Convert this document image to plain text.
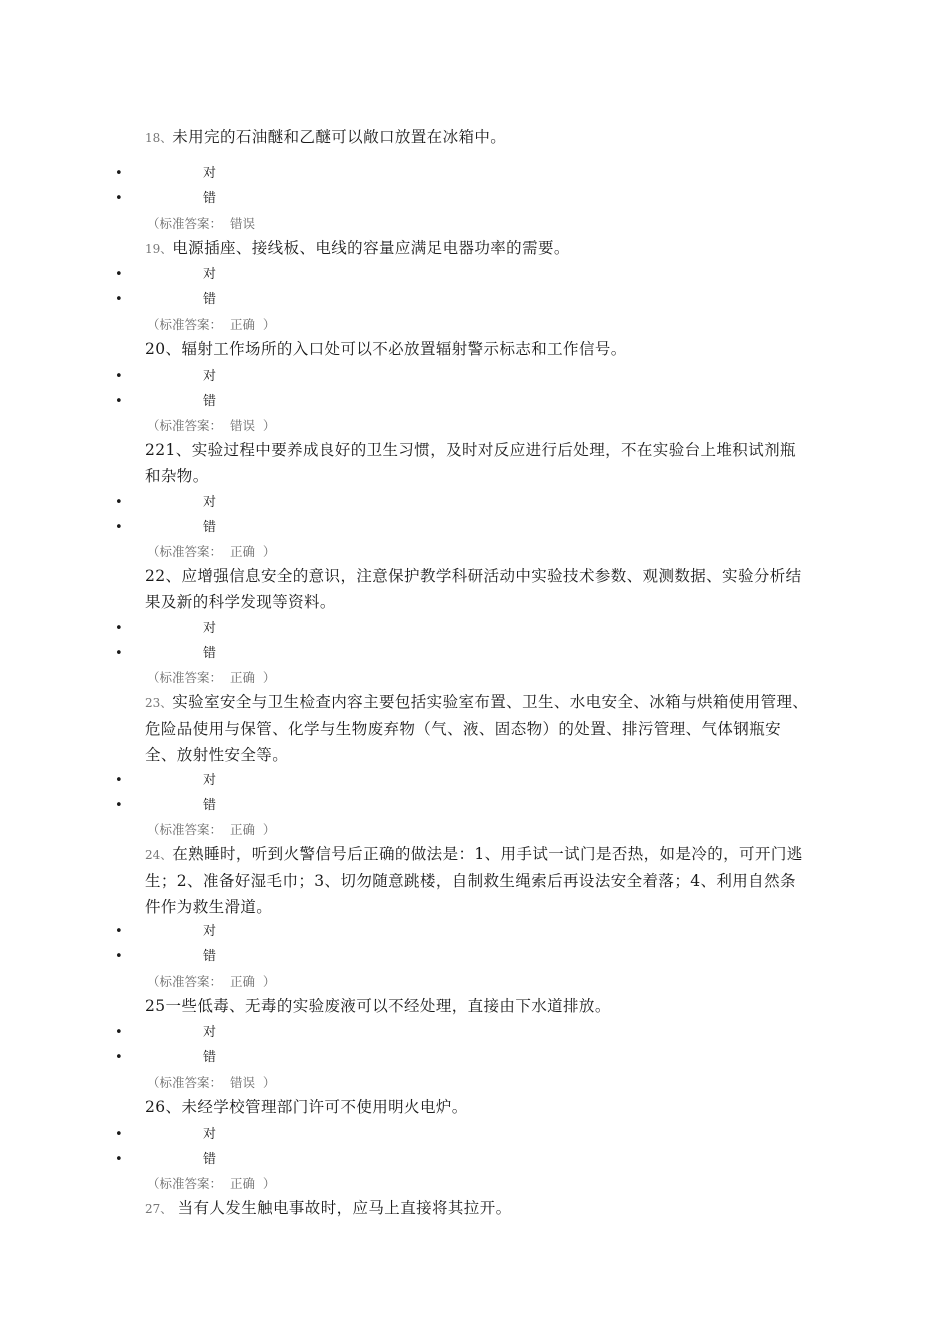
18、未用完的石油醚和乙醚可以敞口放置在冰箱中。
•	对
•	错
（标准答案：  错误
19、电源插座、接线板、电线的容量应满足电器功率的需要。
•	对
•	错
（标准答案：  正确  ）
20、辐射工作场所的入口处可以不必放置辐射警示标志和工作信号。
•	对
•	错
（标准答案：  错误  ）
221、实验过程中要养成良好的卫生习惯，及时对反应进行后处理，不在实验台上堆积试剂瓶和杂物。
•	对
•	错
（标准答案：  正确  ）
22、应增强信息安全的意识，注意保护教学科研活动中实验技术参数、观测数据、实验分析结果及新的科学发现等资料。
•	对
•	错
（标准答案：  正确  ）
23、实验室安全与卫生检查内容主要包括实验室布置、卫生、水电安全、冰箱与烘箱使用管理、危险品使用与保管、化学与生物废弃物（气、液、固态物）的处置、排污管理、气体钢瓶安全、放射性安全等。
•	对
•	错
（标准答案：  正确  ）
24、在熟睡时，听到火警信号后正确的做法是：1、用手试一试门是否热，如是冷的，可开门逃生；2、准备好湿毛巾；3、切勿随意跳楼，自制救生绳索后再设法安全着落；4、利用自然条件作为救生滑道。
•	对
•	错
（标准答案：  正确  ）
25一些低毒、无毒的实验废液可以不经处理，直接由下水道排放。
•	对
•	错
（标准答案：  错误  ）
26、未经学校管理部门许可不使用明火电炉。
•	对
•	错
（标准答案：  正确  ）
27、 当有人发生触电事故时，应马上直接将其拉开。
